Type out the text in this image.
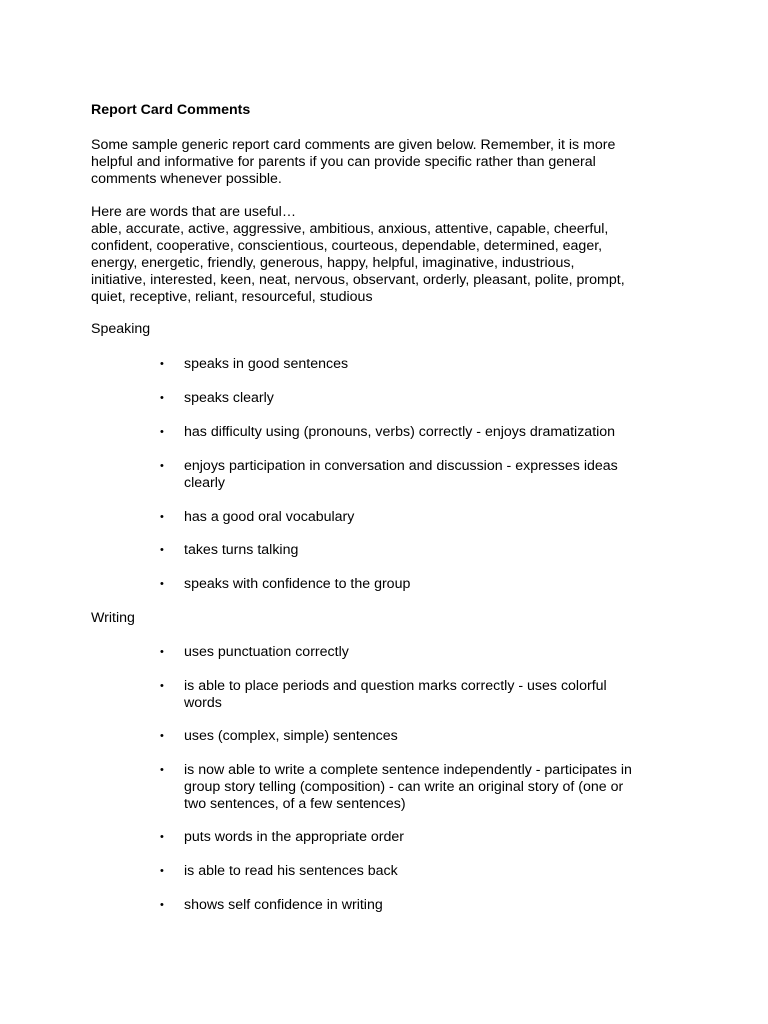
Report Card Comments

Some sample generic report card comments are given below. Remember, it is more
helpful and informative for parents if you can provide specific rather than general
comments whenever possible.

Here are words that are useful…

able, accurate, active, aggressive, ambitious, anxious, attentive, capable, cheerful,
confident, cooperative, conscientious, courteous, dependable, determined, eager,
energy, energetic, friendly, generous, happy, helpful, imaginative, industrious,
initiative, interested, keen, neat, nervous, observant, orderly, pleasant, polite, prompt,
quiet, receptive, reliant, resourceful, studious

Speaking

•	speaks in good sentences

•	speaks clearly

•	has difficulty using (pronouns, verbs) correctly - enjoys dramatization

•	enjoys participation in conversation and discussion - expresses ideas
clearly

•	has a good oral vocabulary

•	takes turns talking

•	speaks with confidence to the group

Writing

•	uses punctuation correctly

•	is able to place periods and question marks correctly - uses colorful
words

•	uses (complex, simple) sentences

•	is now able to write a complete sentence independently - participates in
group story telling (composition) - can write an original story of (one or
two sentences, of a few sentences)

•	puts words in the appropriate order

•	is able to read his sentences back

•	shows self confidence in writing
